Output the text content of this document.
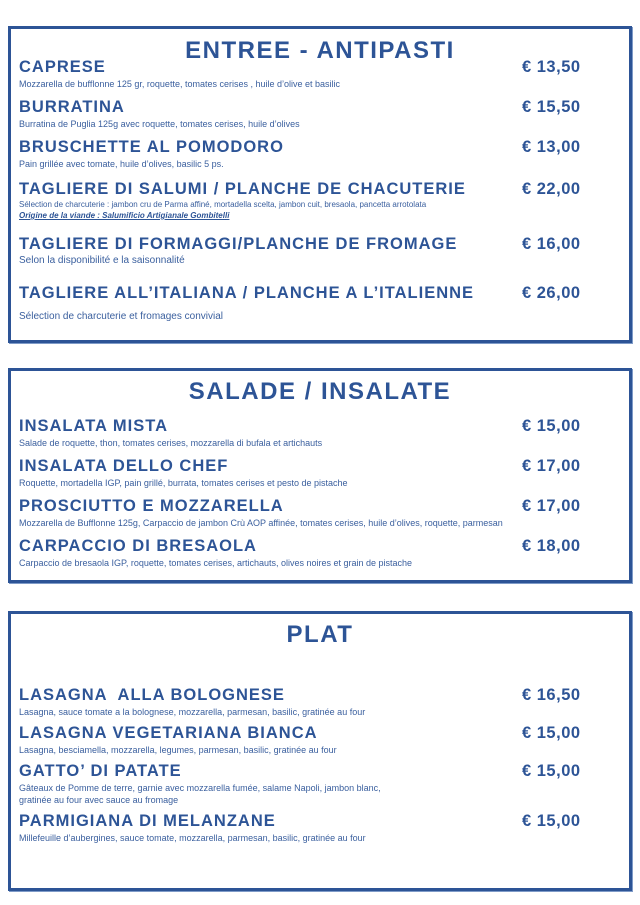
ENTREE - ANTIPASTI
CAPRESE	€ 13,50
Mozzarella de bufflonne 125 gr, roquette, tomates cerises , huile d’olive et basilic
BURRATINA	€ 15,50
Burratina de Puglia 125g avec roquette, tomates cerises, huile d’olives
BRUSCHETTE AL POMODORO	€ 13,00
Pain grillée avec tomate, huile d’olives, basilic 5 ps.
TAGLIERE DI SALUMI / PLANCHE DE CHACUTERIE	€ 22,00
Sélection de charcuterie : jambon cru de Parma affiné, mortadella scelta, jambon cuit, bresaola, pancetta arrotolata
Origine de la viande : Salumificio Artigianale Gombitelli
TAGLIERE DI FORMAGGI/PLANCHE DE FROMAGE	€ 16,00
Selon la disponibilité e la saisonnalité
TAGLIERE ALL’ITALIANA / PLANCHE A L’ITALIENNE	€ 26,00
Sélection de charcuterie et fromages convivial
SALADE / INSALATE
INSALATA MISTA	€ 15,00
Salade de roquette, thon, tomates cerises, mozzarella di bufala et artichauts
INSALATA DELLO CHEF	€ 17,00
Roquette, mortadella IGP, pain grillé, burrata, tomates cerises et pesto de pistache
PROSCIUTTO E MOZZARELLA	€ 17,00
Mozzarella de Bufflonne 125g, Carpaccio de jambon Crù AOP affinée, tomates cerises, huile d’olives, roquette, parmesan
CARPACCIO DI BRESAOLA	€ 18,00
Carpaccio de bresaola IGP, roquette, tomates cerises, artichauts, olives noires et grain de pistache
PLAT
LASAGNA  ALLA BOLOGNESE	€ 16,50
Lasagna, sauce tomate a la bolognese, mozzarella, parmesan, basilic, gratinée au four
LASAGNA VEGETARIANA BIANCA	€ 15,00
Lasagna, besciamella, mozzarella, legumes, parmesan, basilic, gratinée au four
GATTO’ DI PATATE	€ 15,00
Gâteaux de Pomme de terre, garnie avec mozzarella fumée, salame Napoli, jambon blanc,
gratinée au four avec sauce au fromage
PARMIGIANA DI MELANZANE	€ 15,00
Millefeuille d’aubergines, sauce tomate, mozzarella, parmesan, basilic, gratinée au four
